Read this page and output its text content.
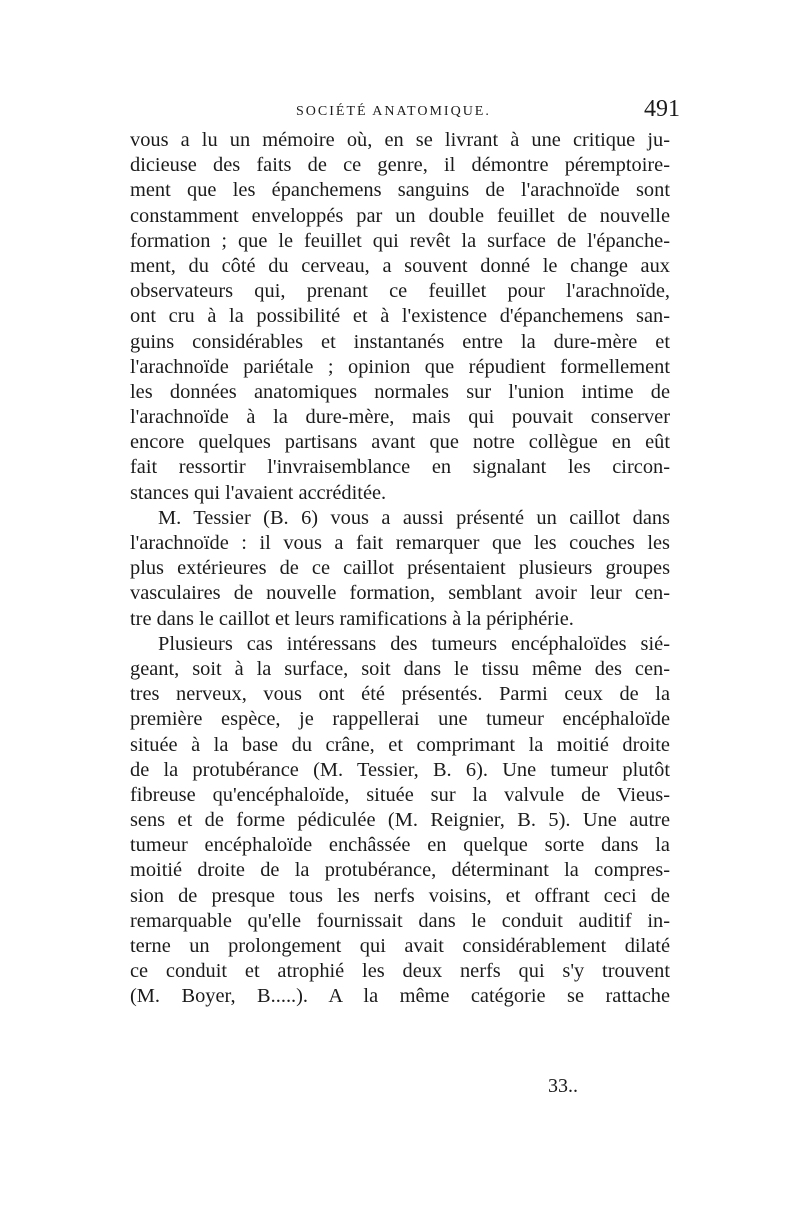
SOCIÉTÉ ANATOMIQUE.	491
vous a lu un mémoire où, en se livrant à une critique ju-
dicieuse des faits de ce genre, il démontre péremptoire-
ment que les épanchemens sanguins de l'arachnoïde sont
constamment enveloppés par un double feuillet de nouvelle
formation ; que le feuillet qui revêt la surface de l'épanche-
ment, du côté du cerveau, a souvent donné le change aux
observateurs qui, prenant ce feuillet pour l'arachnoïde,
ont cru à la possibilité et à l'existence d'épanchemens san-
guins considérables et instantanés entre la dure-mère et
l'arachnoïde pariétale ; opinion que répudient formellement
les données anatomiques normales sur l'union intime de
l'arachnoïde à la dure-mère, mais qui pouvait conserver
encore quelques partisans avant que notre collègue en eût
fait ressortir l'invraisemblance en signalant les circon-
stances qui l'avaient accréditée.
M. Tessier (B. 6) vous a aussi présenté un caillot dans
l'arachnoïde : il vous a fait remarquer que les couches les
plus extérieures de ce caillot présentaient plusieurs groupes
vasculaires de nouvelle formation, semblant avoir leur cen-
tre dans le caillot et leurs ramifications à la périphérie.
Plusieurs cas intéressans des tumeurs encéphaloïdes sié-
geant, soit à la surface, soit dans le tissu même des cen-
tres nerveux, vous ont été présentés. Parmi ceux de la
première espèce, je rappellerai une tumeur encéphaloïde
située à la base du crâne, et comprimant la moitié droite
de la protubérance (M. Tessier, B. 6). Une tumeur plutôt
fibreuse qu'encéphaloïde, située sur la valvule de Vieus-
sens et de forme pédiculée (M. Reignier, B. 5). Une autre
tumeur encéphaloïde enchâssée en quelque sorte dans la
moitié droite de la protubérance, déterminant la compres-
sion de presque tous les nerfs voisins, et offrant ceci de
remarquable qu'elle fournissait dans le conduit auditif in-
terne un prolongement qui avait considérablement dilaté
ce conduit et atrophié les deux nerfs qui s'y trouvent
(M. Boyer, B.....). A la même catégorie se rattache
33..
